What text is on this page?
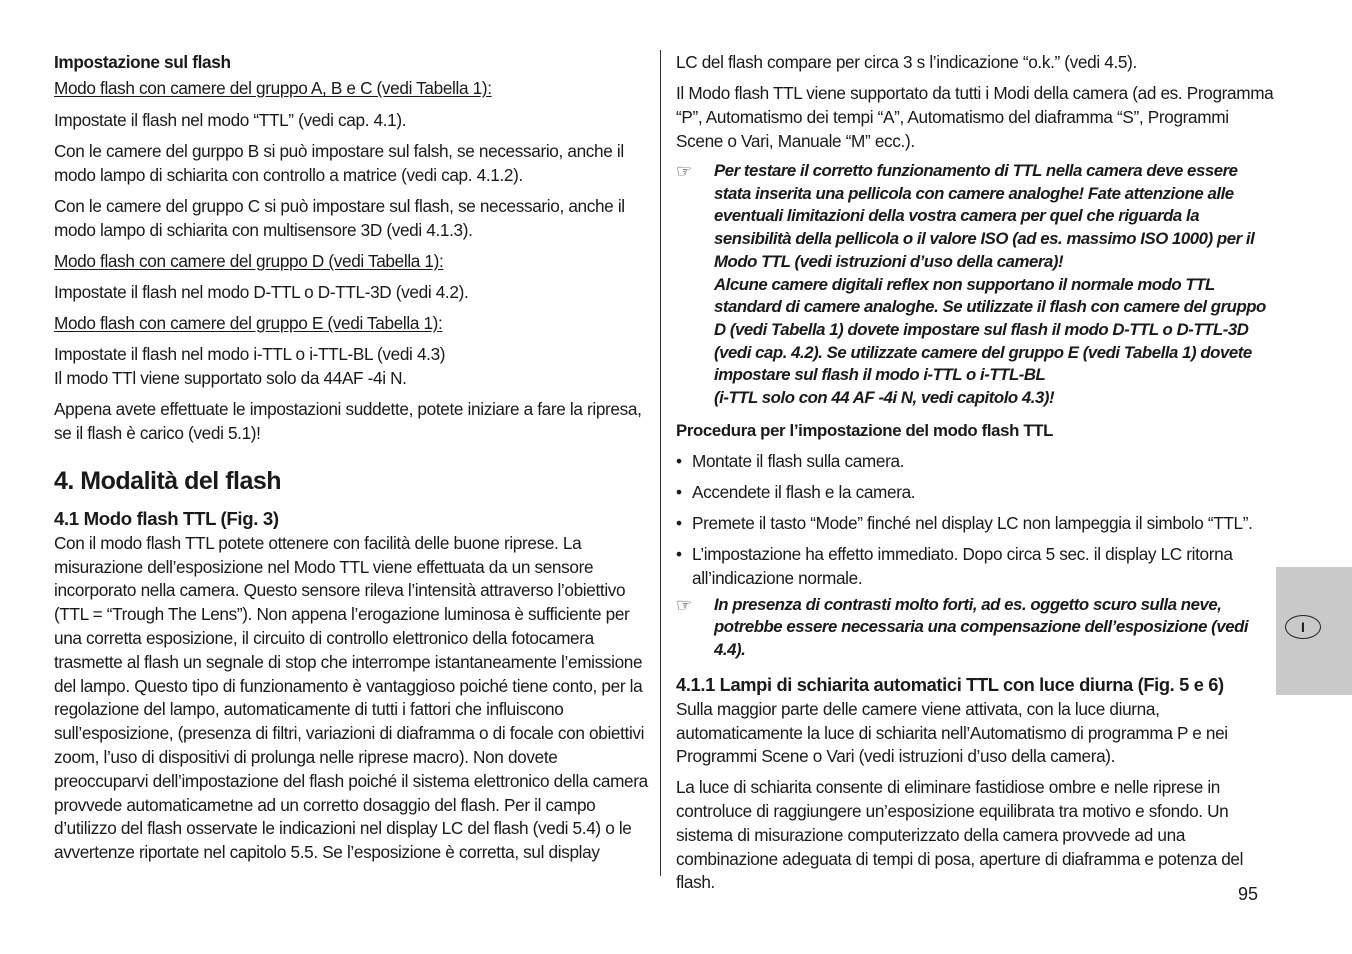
Impostazione sul flash

Modo flash con camere del gruppo A, B e C (vedi Tabella 1):

Impostate il flash nel modo “TTL” (vedi cap. 4.1).

Con le camere del gurppo B si può impostare sul falsh, se necessario, anche il modo lampo di schiarita con controllo a matrice (vedi cap. 4.1.2).

Con le camere del gruppo C si può impostare sul flash, se necessario, anche il modo lampo di schiarita con multisensore 3D (vedi 4.1.3).

Modo flash con camere del gruppo D (vedi Tabella 1):

Impostate il flash nel modo D-TTL o D-TTL-3D (vedi 4.2).

Modo flash con camere del gruppo E (vedi Tabella 1):

Impostate il flash nel modo i-TTL o i-TTL-BL (vedi 4.3)
Il modo TTl viene supportato solo da 44AF -4i N.

Appena avete effettuate le impostazioni suddette, potete iniziare a fare la ripresa, se il flash è carico (vedi 5.1)!

4. Modalità del flash
4.1 Modo flash TTL (Fig. 3)

Con il modo flash TTL potete ottenere con facilità delle buone riprese. La misurazione dell’esposizione nel Modo TTL viene effettuata da un sensore incorporato nella camera. Questo sensore rileva l’intensità attraverso l’obiettivo (TTL = “Trough The Lens”). Non appena l’erogazione luminosa è sufficiente per una corretta esposizione, il circuito di controllo elettronico della fotocamera trasmette al flash un segnale di stop che interrompe istantaneamente l’emissione del lampo. Questo tipo di funzionamento è vantaggioso poiché tiene conto, per la regolazione del lampo, automaticamente di tutti i fattori che influiscono sull’esposizione, (presenza di filtri, variazioni di diaframma o di focale con obiettivi zoom, l’uso di dispositivi di prolunga nelle riprese macro). Non dovete preoccuparvi dell’impostazione del flash poiché il sistema elettronico della camera provvede automaticametne ad un corretto dosaggio del flash. Per il campo d’utilizzo del flash osservate le indicazioni nel display LC del flash (vedi 5.4) o le avvertenze riportate nel capitolo 5.5. Se l’esposizione è corretta, sul display

LC del flash compare per circa 3 s l’indicazione “o.k.” (vedi 4.5).

Il Modo flash TTL viene supportato da tutti i Modi della camera (ad es. Programma “P”, Automatismo dei tempi “A”, Automatismo del diaframma “S”, Programmi Scene o Vari, Manuale “M” ecc.).

☞	Per testare il corretto funzionamento di TTL nella camera deve essere stata inserita una pellicola con camere analoghe! Fate attenzione alle eventuali limitazioni della vostra camera per quel che riguarda la sensibilità della pellicola o il valore ISO (ad es. massimo ISO 1000) per il Modo TTL (vedi istruzioni d’uso della camera)!
Alcune camere digitali reflex non supportano il normale modo TTL standard di camere analoghe. Se utilizzate il flash con camere del gruppo D (vedi Tabella 1) dovete impostare sul flash il modo D-TTL o D-TTL-3D (vedi cap. 4.2). Se utilizzate camere del gruppo E (vedi Tabella 1) dovete impostare sul flash il modo i-TTL o i-TTL-BL
(i-TTL solo con 44 AF -4i N, vedi capitolo 4.3)!

Procedura per l’impostazione del modo flash TTL

• Montate il flash sulla camera.
• Accendete il flash e la camera.
• Premete il tasto “Mode” finché nel display LC non lampeggia il simbolo “TTL”.
• L’impostazione ha effetto immediato. Dopo circa 5 sec. il display LC ritorna all’indicazione normale.
☞	In presenza di contrasti molto forti, ad es. oggetto scuro sulla neve, potrebbe essere necessaria una compensazione dell’esposizione (vedi 4.4).
4.1.1 Lampi di schiarita automatici TTL con luce diurna (Fig. 5 e 6)

Sulla maggior parte delle camere viene attivata, con la luce diurna, automaticamente la luce di schiarita nell’Automatismo di programma P e nei Programmi Scene o Vari (vedi istruzioni d’uso della camera).

La luce di schiarita consente di eliminare fastidiose ombre e nelle riprese in controluce di raggiungere un’esposizione equilibrata tra motivo e sfondo. Un sistema di misurazione computerizzato della camera provvede ad una combinazione adeguata di tempi di posa, aperture di diaframma e potenza del flash.

I
95
